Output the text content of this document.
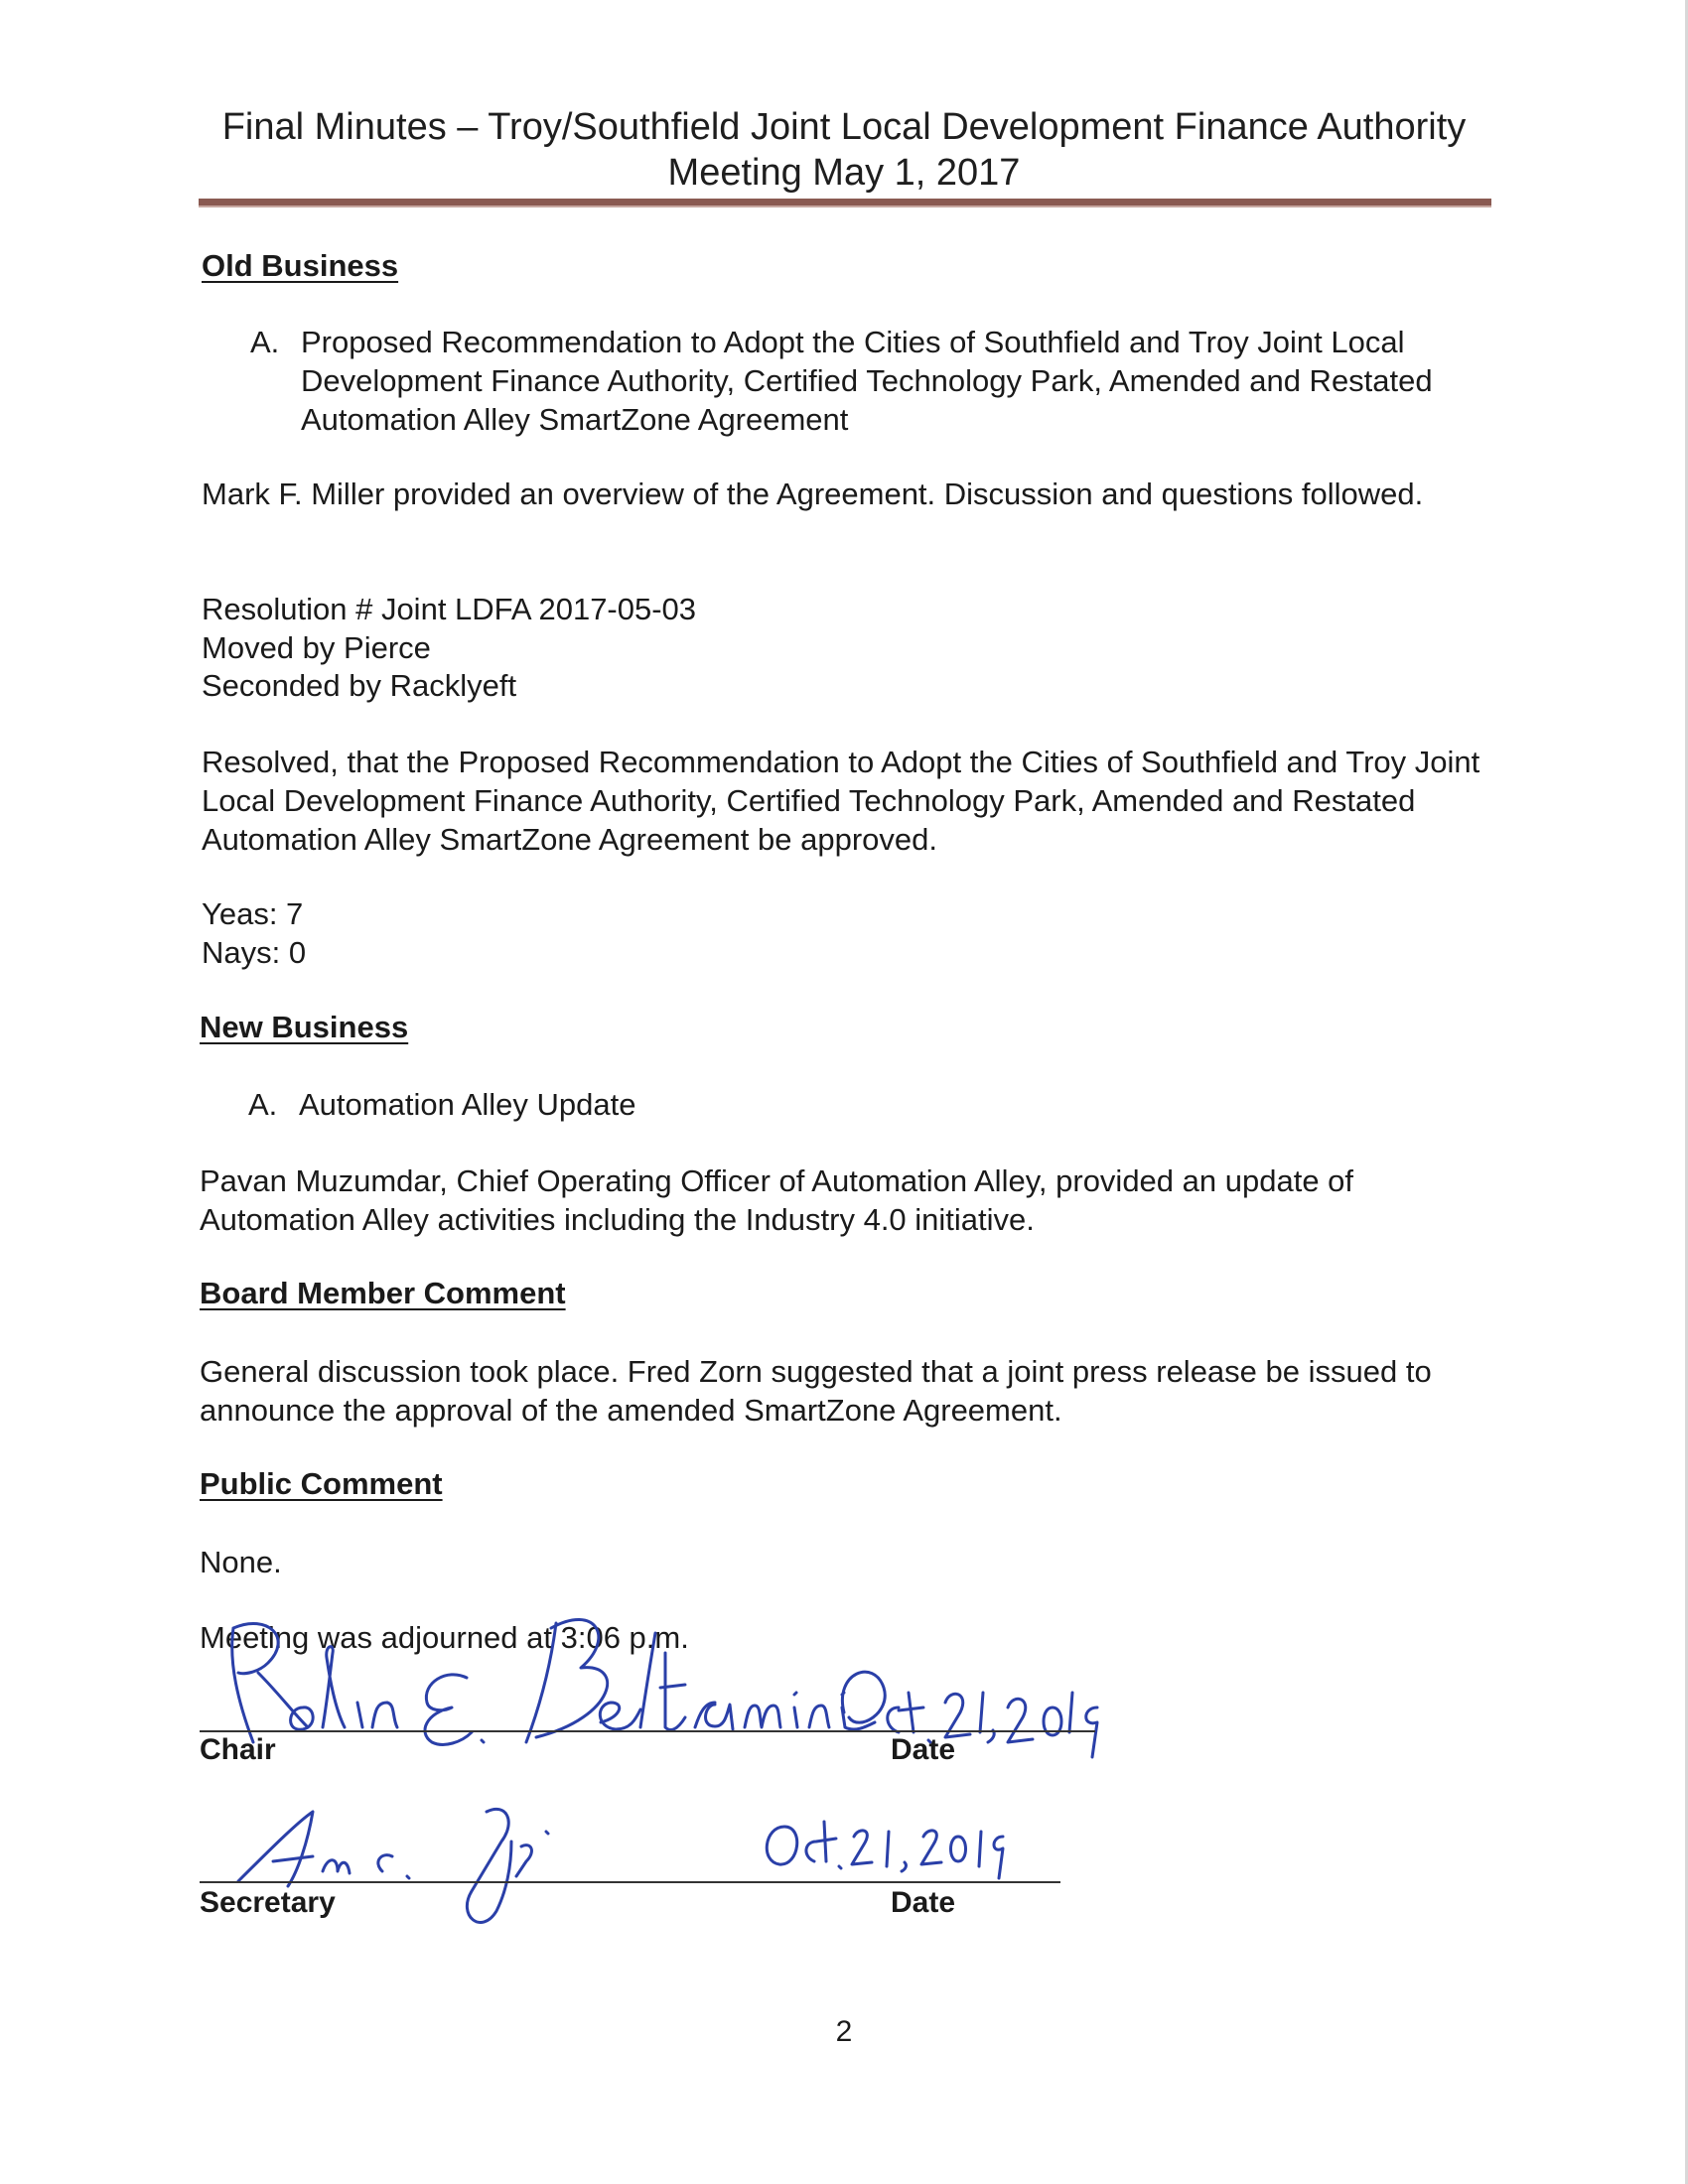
Final Minutes – Troy/Southfield Joint Local Development Finance Authority
Meeting May 1, 2017
Old Business
A. Proposed Recommendation to Adopt the Cities of Southfield and Troy Joint Local Development Finance Authority, Certified Technology Park, Amended and Restated Automation Alley SmartZone Agreement
Mark F. Miller provided an overview of the Agreement. Discussion and questions followed.
Resolution # Joint LDFA 2017-05-03
Moved by Pierce
Seconded by Racklyeft
Resolved, that the Proposed Recommendation to Adopt the Cities of Southfield and Troy Joint Local Development Finance Authority, Certified Technology Park, Amended and Restated Automation Alley SmartZone Agreement be approved.
Yeas: 7
Nays: 0
New Business
A. Automation Alley Update
Pavan Muzumdar, Chief Operating Officer of Automation Alley, provided an update of Automation Alley activities including the Industry 4.0 initiative.
Board Member Comment
General discussion took place. Fred Zorn suggested that a joint press release be issued to announce the approval of the amended SmartZone Agreement.
Public Comment
None.
Meeting was adjourned at 3:06 p.m.
Chair	Date
Secretary	Date
2
